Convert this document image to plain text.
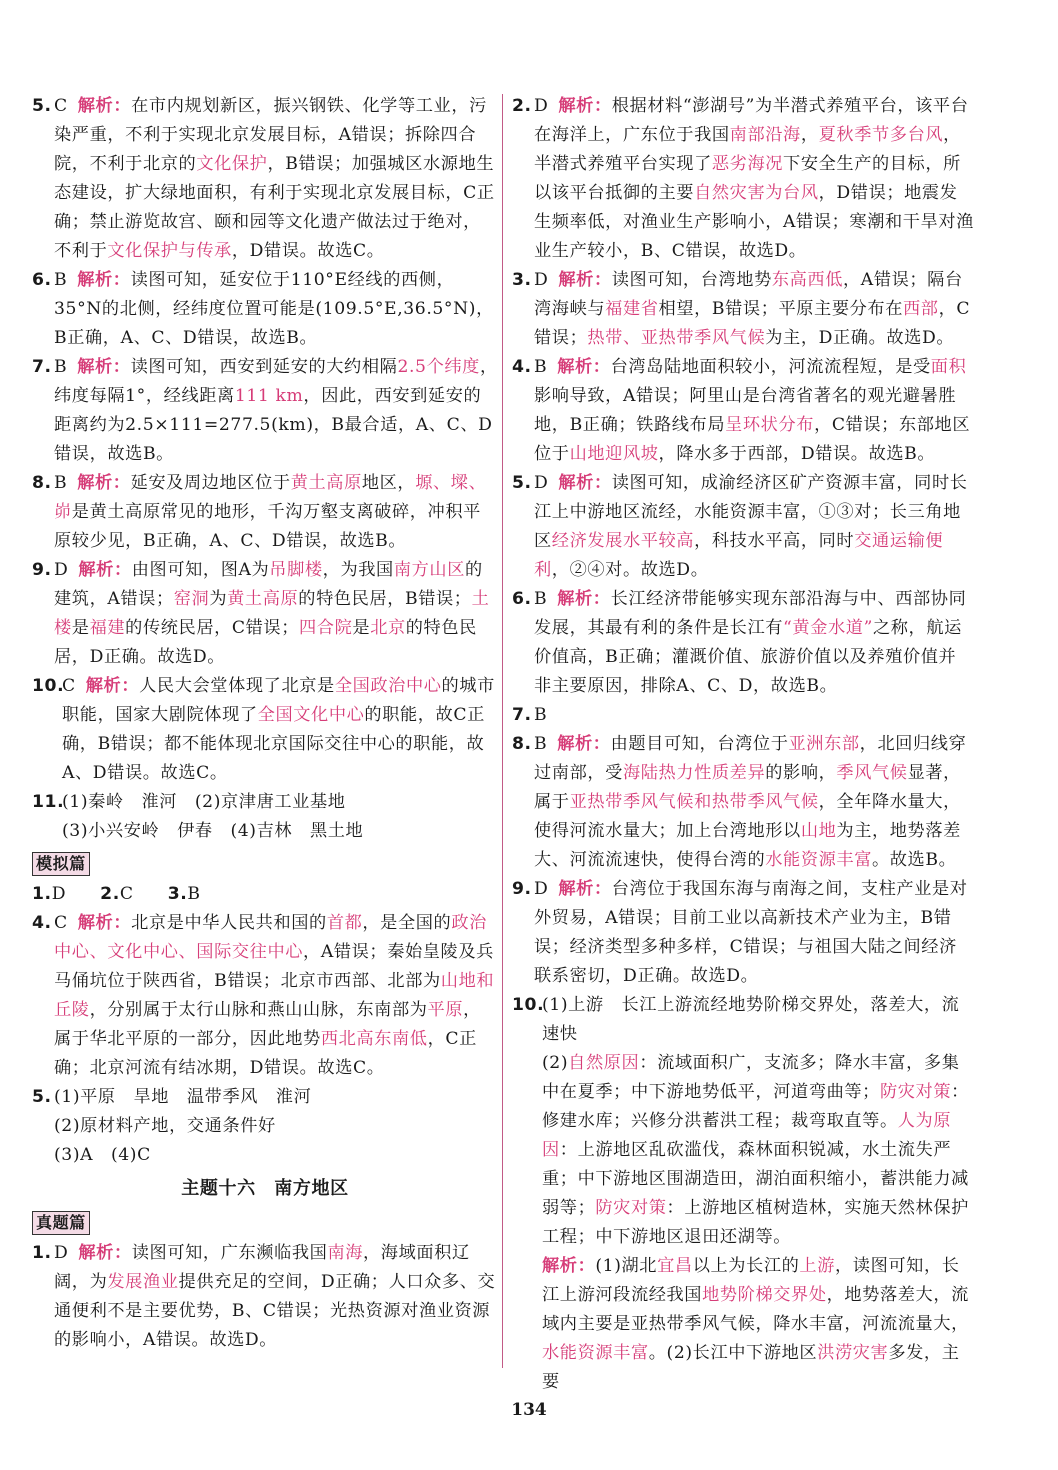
5. C 解析：在市内规划新区，振兴钢铁、化学等工业，污染严重，不利于实现北京发展目标，A错误；拆除四合院，不利于北京的文化保护，B错误；加强城区水源地生态建设，扩大绿地面积，有利于实现北京发展目标，C正确；禁止游览故宫、颐和园等文化遗产做法过于绝对，不利于文化保护与传承，D错误。故选C。
6. B 解析：读图可知，延安位于110°E经线的西侧，35°N的北侧，经纬度位置可能是(109.5°E,36.5°N)，B正确，A、C、D错误，故选B。
7. B 解析：读图可知，西安到延安的大约相隔2.5个纬度，纬度每隔1°，经线距离111 km，因此，西安到延安的距离约为2.5×111=277.5(km)，B最合适，A、C、D错误，故选B。
8. B 解析：延安及周边地区位于黄土高原地区，塬、墚、峁是黄土高原常见的地形，千沟万壑支离破碎，冲积平原较少见，B正确，A、C、D错误，故选B。
9. D 解析：由图可知，图A为吊脚楼，为我国南方山区的建筑，A错误；窑洞为黄土高原的特色民居，B错误；土楼是福建的传统民居，C错误；四合院是北京的特色民居，D正确。故选D。
10.
C 解析：人民大会堂体现了北京是全国政治中心的城市职能，国家大剧院体现了全国文化中心的职能，故C正确，B错误；都不能体现北京国际交往中心的职能，故A、D错误。故选C。
11.
(1)秦岭　淮河　(2)京津唐工业基地
(3)小兴安岭　伊春　(4)吉林　黑土地
模拟篇
1.D 2.C 3.B
4. C 解析：北京是中华人民共和国的首都，是全国的政治中心、文化中心、国际交往中心，A错误；秦始皇陵及兵马俑坑位于陕西省，B错误；北京市西部、北部为山地和丘陵，分别属于太行山脉和燕山山脉，东南部为平原，属于华北平原的一部分，因此地势西北高东南低，C正确；北京河流有结冰期，D错误。故选C。
5. (1)平原　旱地　温带季风　淮河
(2)原材料产地，交通条件好
(3)A　(4)C
主题十六　南方地区
真题篇
1. D 解析：读图可知，广东濒临我国南海，海域面积辽阔，为发展渔业提供充足的空间，D正确；人口众多、交通便利不是主要优势，B、C错误；光热资源对渔业资源的影响小，A错误。故选D。
2. D 解析：根据材料“澎湖号”为半潜式养殖平台，该平台在海洋上，广东位于我国南部沿海，夏秋季节多台风，半潜式养殖平台实现了恶劣海况下安全生产的目标，所以该平台抵御的主要自然灾害为台风，D错误；地震发生频率低，对渔业生产影响小，A错误；寒潮和干旱对渔业生产较小，B、C错误，故选D。
3. D 解析：读图可知，台湾地势东高西低，A错误；隔台湾海峡与福建省相望，B错误；平原主要分布在西部，C错误；热带、亚热带季风气候为主，D正确。故选D。
4. B 解析：台湾岛陆地面积较小，河流流程短，是受面积影响导致，A错误；阿里山是台湾省著名的观光避暑胜地，B正确；铁路线布局呈环状分布，C错误；东部地区位于山地迎风坡，降水多于西部，D错误。故选B。
5. D 解析：读图可知，成渝经济区矿产资源丰富，同时长江上中游地区流经，水能资源丰富，①③对；长三角地区经济发展水平较高，科技水平高，同时交通运输便利，②④对。故选D。
6. B 解析：长江经济带能够实现东部沿海与中、西部协同发展，其最有利的条件是长江有“黄金水道”之称，航运价值高，B正确；灌溉价值、旅游价值以及养殖价值并非主要原因，排除A、C、D，故选B。
7. B
8. B 解析：由题目可知，台湾位于亚洲东部，北回归线穿过南部，受海陆热力性质差异的影响，季风气候显著，属于亚热带季风气候和热带季风气候，全年降水量大，使得河流水量大；加上台湾地形以山地为主，地势落差大、河流流速快，使得台湾的水能资源丰富。故选B。
9. D 解析：台湾位于我国东海与南海之间，支柱产业是对外贸易，A错误；目前工业以高新技术产业为主，B错误；经济类型多种多样，C错误；与祖国大陆之间经济联系密切，D正确。故选D。
10.
(1)上游　长江上游流经地势阶梯交界处，落差大，流速快
(2)自然原因：流域面积广，支流多；降水丰富，多集中在夏季；中下游地势低平，河道弯曲等；防灾对策：修建水库；兴修分洪蓄洪工程；裁弯取直等。人为原因：上游地区乱砍滥伐，森林面积锐减，水土流失严重；中下游地区围湖造田，湖泊面积缩小，蓄洪能力减弱等；防灾对策：上游地区植树造林，实施天然林保护工程；中下游地区退田还湖等。
解析：(1)湖北宜昌以上为长江的上游，读图可知，长江上游河段流经我国地势阶梯交界处，地势落差大，流域内主要是亚热带季风气候，降水丰富，河流流量大，水能资源丰富。(2)长江中下游地区洪涝灾害多发，主要
134
